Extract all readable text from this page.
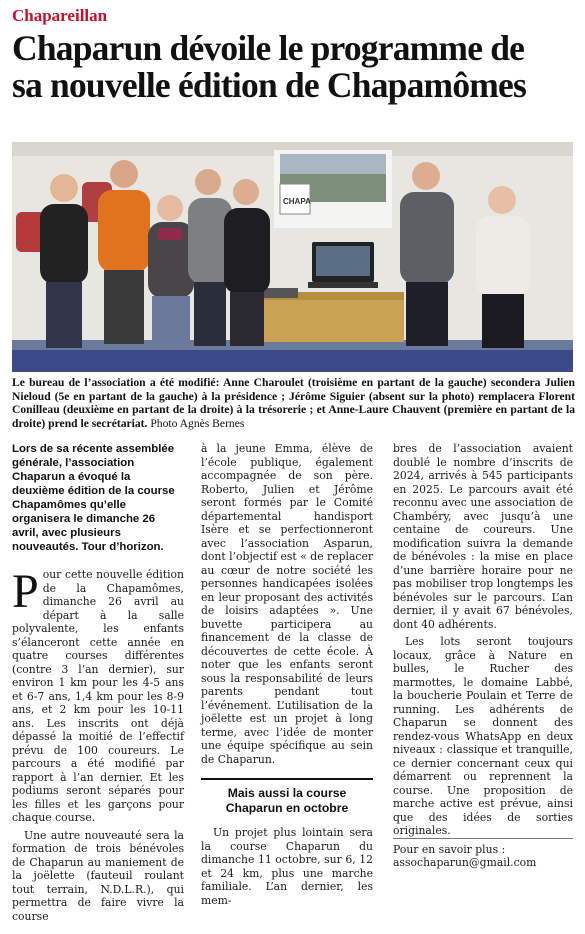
Chapareillan
Chaparun dévoile le programme de
sa nouvelle édition de Chapamômes
CHAPA
Le bureau de l’association a été modifié: Anne Charoulet (troisième en partant de la gauche) secondera Julien Nieloud (5e en partant de la gauche) à la présidence ; Jérôme Siguier (absent sur la photo) remplacera Florent Conilleau (deuxième en partant de la droite) à la trésorerie ; et Anne-Laure Chauvent (première en partant de la droite) prend le secrétariat. Photo Agnès Bernes

Lors de sa récente assemblée générale, l’association Chaparun a évoqué la deuxième édition de la course Chapamômes qu’elle organisera le dimanche 26 avril, avec plusieurs nouveautés. Tour d’horizon.

Pour cette nouvelle édition de la Chapamômes, dimanche 26 avril au départ à la salle polyvalente, les enfants s’élanceront cette année en quatre courses différentes (contre 3 l’an dernier), sur environ 1 km pour les 4-5 ans et 6-7 ans, 1,4 km pour les 8-9 ans, et 2 km pour les 10-11 ans. Les inscrits ont déjà dépassé la moitié de l’effectif prévu de 100 coureurs. Le parcours a été modifié par rapport à l’an dernier. Et les podiums seront séparés pour les filles et les garçons pour chaque course.

Une autre nouveauté sera la formation de trois bénévoles de Chaparun au maniement de la joëlette (fauteuil roulant tout terrain, N.D.L.R.), qui permettra de faire vivre la course

à la jeune Emma, élève de l’école publique, également accompagnée de son père. Roberto, Julien et Jérôme seront formés par le Comité départemental handisport Isère et se perfectionneront avec l’association Asparun, dont l’objectif est « de replacer au cœur de notre société les personnes handicapées isolées en leur proposant des activités de loisirs adaptées ». Une buvette participera au financement de la classe de découvertes de cette école. À noter que les enfants seront sous la responsabilité de leurs parents pendant tout l’événement. L’utilisation de la joëlette est un projet à long terme, avec l’idée de monter une équipe spécifique au sein de Chaparun.

Mais aussi la course Chaparun en octobre

Un projet plus lointain sera la course Chaparun du dimanche 11 octobre, sur 6, 12 et 24 km, plus une marche familiale. L’an dernier, les mem-

bres de l’association avaient doublé le nombre d’inscrits de 2024, arrivés à 545 participants en 2025. Le parcours avait été reconnu avec une association de Chambéry, avec jusqu’à une centaine de coureurs. Une modification suivra la demande de bénévoles : la mise en place d’une barrière horaire pour ne pas mobiliser trop longtemps les bénévoles sur le parcours. L’an dernier, il y avait 67 bénévoles, dont 40 adhérents.

Les lots seront toujours locaux, grâce à Nature en bulles, le Rucher des marmottes, le domaine Labbé, la boucherie Poulain et Terre de running. Les adhérents de Chaparun se donnent des rendez-vous WhatsApp en deux niveaux : classique et tranquille, ce dernier concernant ceux qui démarrent ou reprennent la course. Une proposition de marche active est prévue, ainsi que des idées de sorties originales.

Pour en savoir plus : assochaparun@gmail.com
